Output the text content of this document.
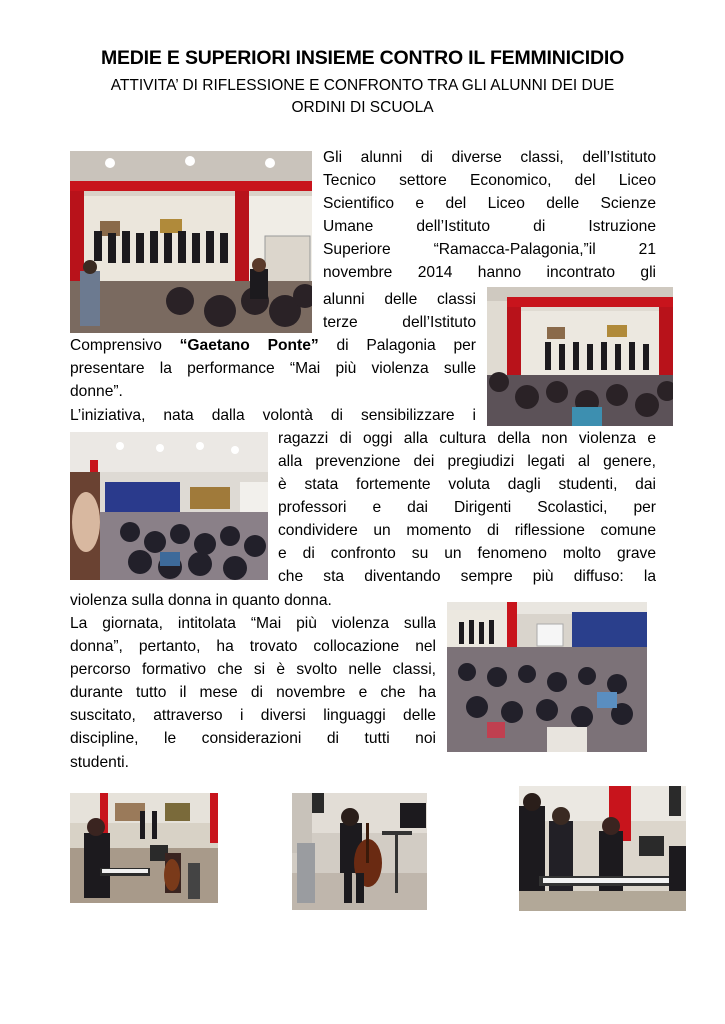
MEDIE E SUPERIORI INSIEME CONTRO IL FEMMINICIDIO
ATTIVITA’ DI RIFLESSIONE E CONFRONTO TRA GLI ALUNNI DEI DUE
ORDINI DI SCUOLA
Gli alunni di diverse classi, dell’Istituto
Tecnico settore Economico, del Liceo
Scientifico e del Liceo delle Scienze
Umane dell’Istituto di Istruzione
Superiore “Ramacca-Palagonia,”il 21
novembre 2014 hanno incontrato gli
alunni delle classi
terze dell’Istituto
Comprensivo “Gaetano Ponte” di Palagonia per
presentare la performance “Mai più violenza sulle
donne”.
L’iniziativa, nata dalla volontà di sensibilizzare i
ragazzi di oggi alla cultura della non violenza e
alla prevenzione dei pregiudizi legati al genere,
è stata fortemente voluta dagli studenti, dai
professori e dai Dirigenti Scolastici, per
condividere un momento di riflessione comune
e di confronto su un fenomeno molto grave
che sta diventando sempre più diffuso: la
violenza sulla donna in quanto donna.
La giornata, intitolata “Mai più violenza sulla
donna”, pertanto, ha trovato collocazione nel
percorso formativo che si è svolto nelle classi,
durante tutto il mese di novembre e che ha
suscitato, attraverso i diversi linguaggi delle
discipline, le considerazioni di tutti noi
studenti.
